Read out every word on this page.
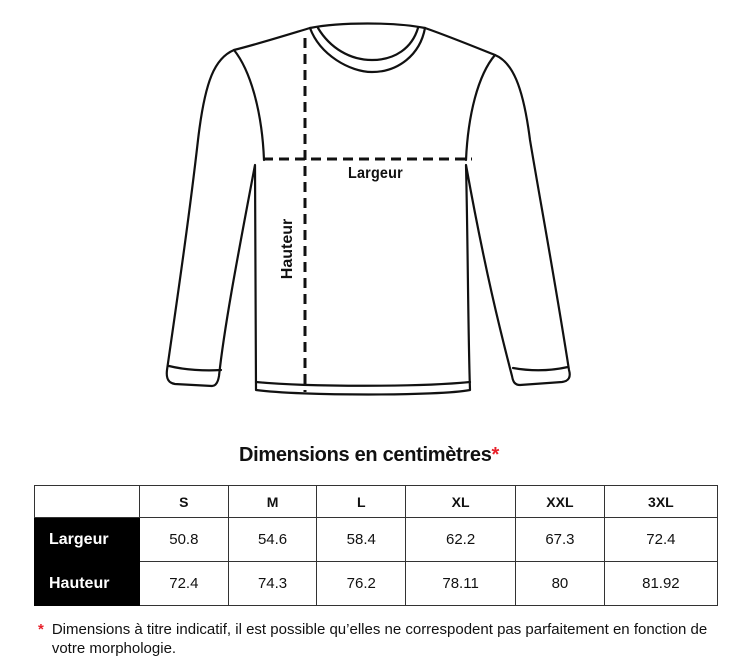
Largeur
Hauteur
Dimensions en centimètres*
	S	M	L	XL	XXL	3XL
Largeur	50.8	54.6	58.4	62.2	67.3	72.4
Hauteur	72.4	74.3	76.2	78.11	80	81.92
* Dimensions à titre indicatif, il est possible qu’elles ne correspodent pas parfaitement en fonction de votre morphologie.
